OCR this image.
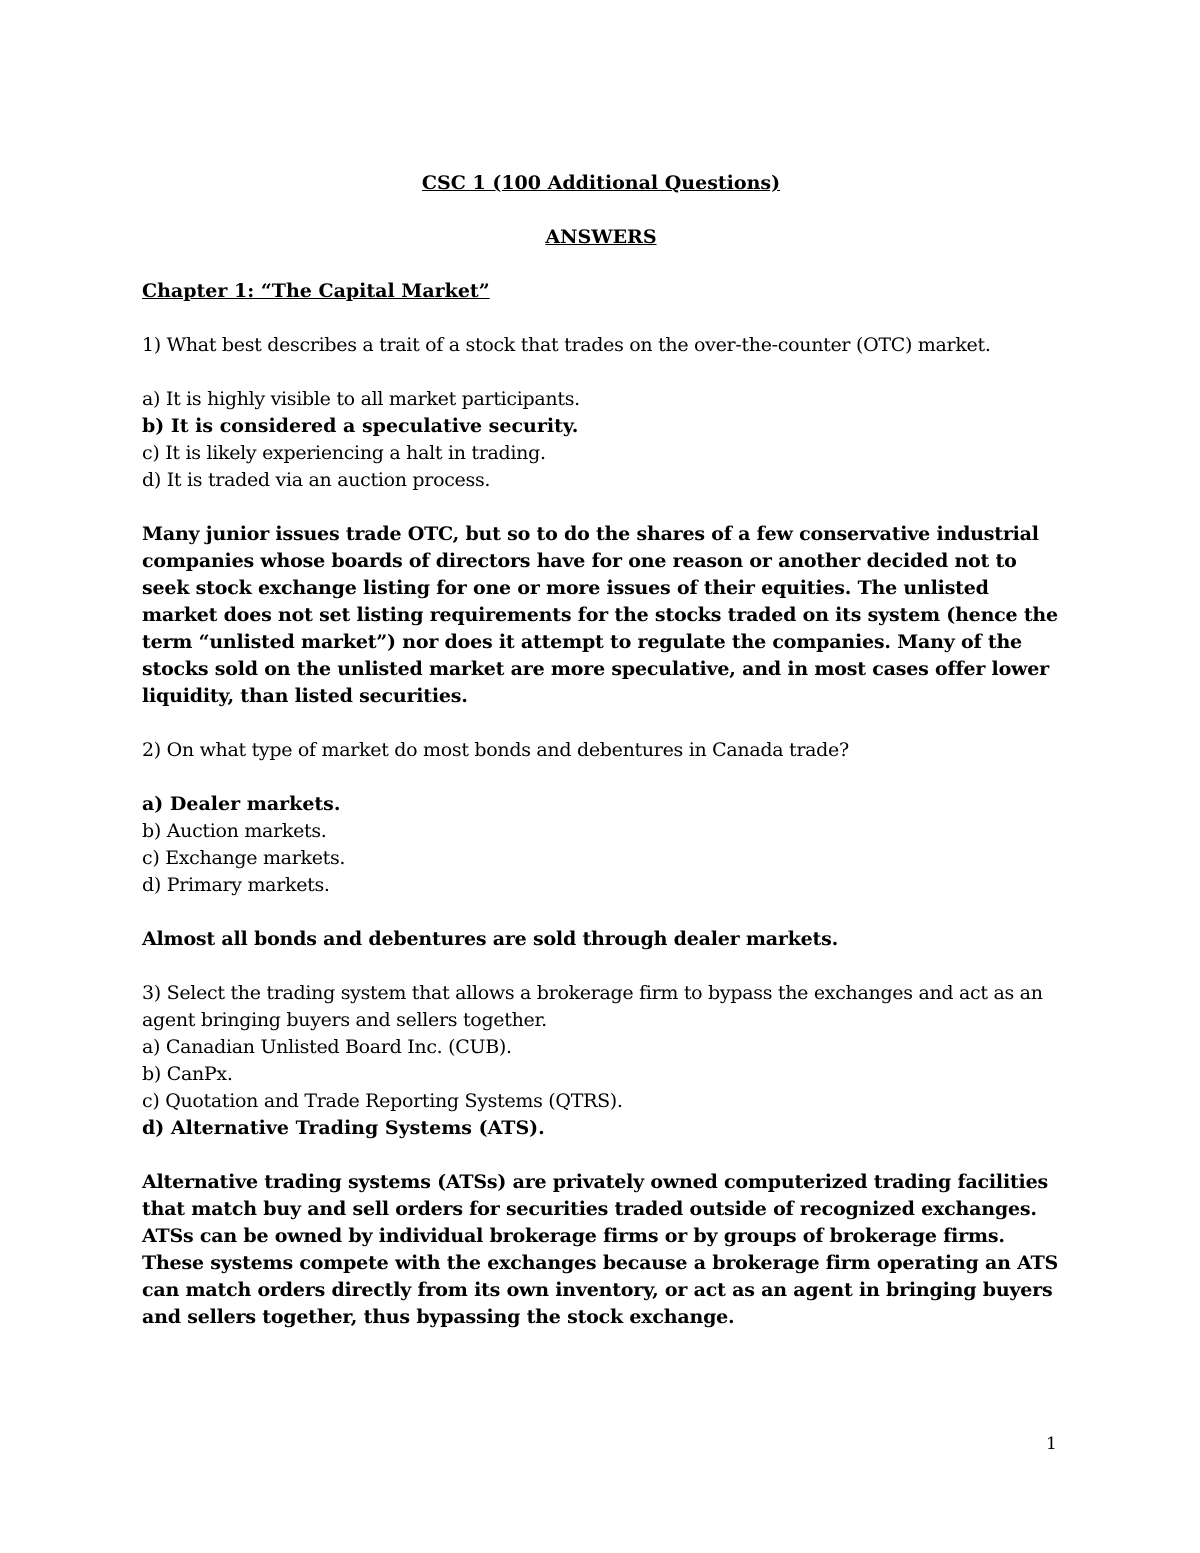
CSC 1 (100 Additional Questions)

ANSWERS

Chapter 1: “The Capital Market”

1) What best describes a trait of a stock that trades on the over-the-counter (OTC) market.

a) It is highly visible to all market participants.

b) It is considered a speculative security.

c) It is likely experiencing a halt in trading.

d) It is traded via an auction process.

Many junior issues trade OTC, but so to do the shares of a few conservative industrial companies whose boards of directors have for one reason or another decided not to seek stock exchange listing for one or more issues of their equities. The unlisted market does not set listing requirements for the stocks traded on its system (hence the term “unlisted market”) nor does it attempt to regulate the companies. Many of the stocks sold on the unlisted market are more speculative, and in most cases offer lower liquidity, than listed securities.

2) On what type of market do most bonds and debentures in Canada trade?

a) Dealer markets.

b) Auction markets.

c) Exchange markets.

d) Primary markets.

Almost all bonds and debentures are sold through dealer markets.

3) Select the trading system that allows a brokerage firm to bypass the exchanges and act as an agent bringing buyers and sellers together.

a) Canadian Unlisted Board Inc. (CUB).

b) CanPx.

c) Quotation and Trade Reporting Systems (QTRS).

d) Alternative Trading Systems (ATS).

Alternative trading systems (ATSs) are privately owned computerized trading facilities that match buy and sell orders for securities traded outside of recognized exchanges. ATSs can be owned by individual brokerage firms or by groups of brokerage firms. These systems compete with the exchanges because a brokerage firm operating an ATS can match orders directly from its own inventory, or act as an agent in bringing buyers and sellers together, thus bypassing the stock exchange.

1
